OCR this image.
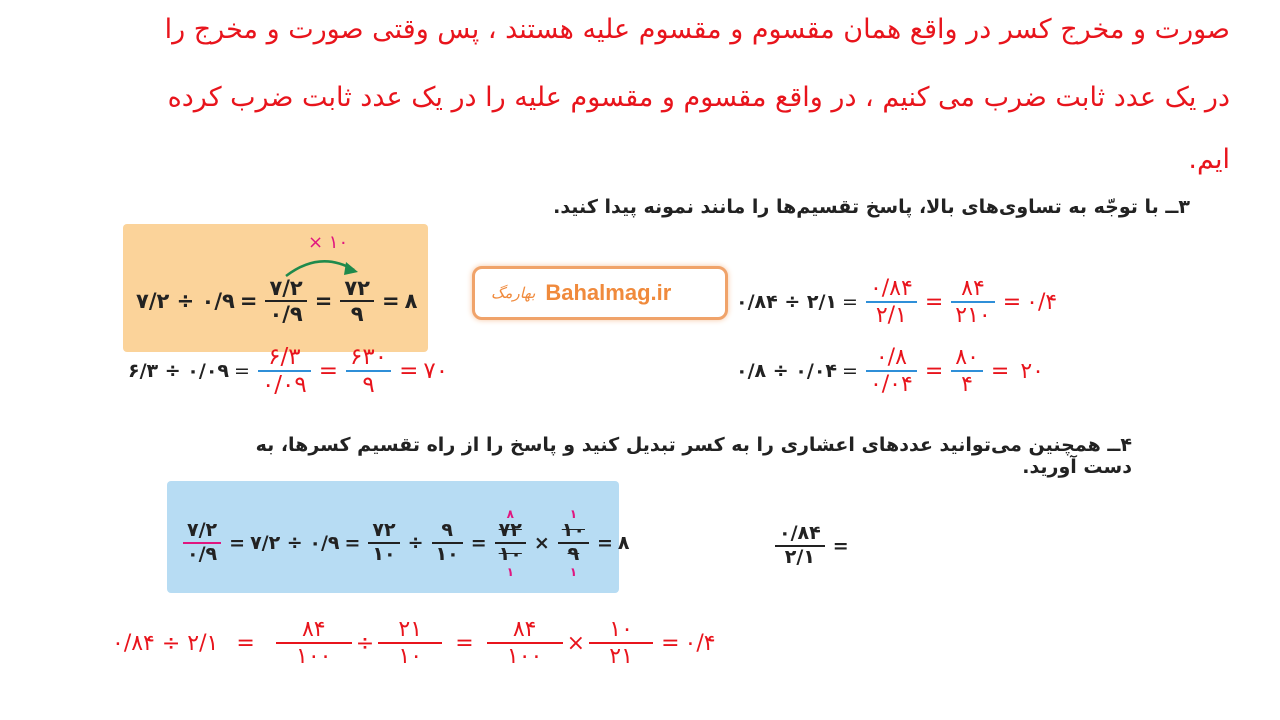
صورت و مخرج کسر در واقع همان مقسوم و مقسوم علیه هستند ، پس وقتی صورت و مخرج را
در یک عدد ثابت ضرب می کنیم ، در واقع مقسوم و مقسوم علیه را در یک عدد ثابت ضرب کرده
ایم.
۳ــ با توجّه به تساوی‌های بالا، پاسخ تقسیم‌ها را مانند نمونه پیدا کنید.
× ۱۰
۷/۲ ÷ ۰/۹ = $\frac{۷/۲}{۰/۹} = \frac{۷۲}{۹}$ = ۸	بهارمگ Bahalmag.ir
۶/۳ ÷ ۰/۰۹ = $\frac{۶/۳}{۰/۰۹} = \frac{۶۳۰}{۹}$ = ۷۰
۰/۸۴ ÷ ۲/۱ = $\frac{۰/۸۴}{۲/۱} = \frac{۸۴}{۲۱۰}$ = ۰/۴
۰/۸ ÷ ۰/۰۴ = $\frac{۰/۸}{۰/۰۴} = \frac{۸۰}{۴}$ = ۲۰
۴ــ همچنین می‌توانید عددهای اعشاری را به کسر تبدیل کنید و پاسخ را از راه تقسیم کسرها، به دست آورید.
$\frac{۷/۲}{۰/۹}$ = ۷/۲ ÷ ۰/۹ = $\frac{۷۲}{۱۰} \div \frac{۹}{۱۰}$ =
۸
۷۲
۱۰
۱
×
۱
۱۰
۹
۱
= ۸	$\frac{۰/۸۴}{۲/۱}$ =
۰/۸۴ ÷ ۲/۱ = $\frac{۸۴}{۱۰۰} \div \frac{۲۱}{۱۰} = \frac{۸۴}{۱۰۰} \times \frac{۱۰}{۲۱}$ = ۰/۴
